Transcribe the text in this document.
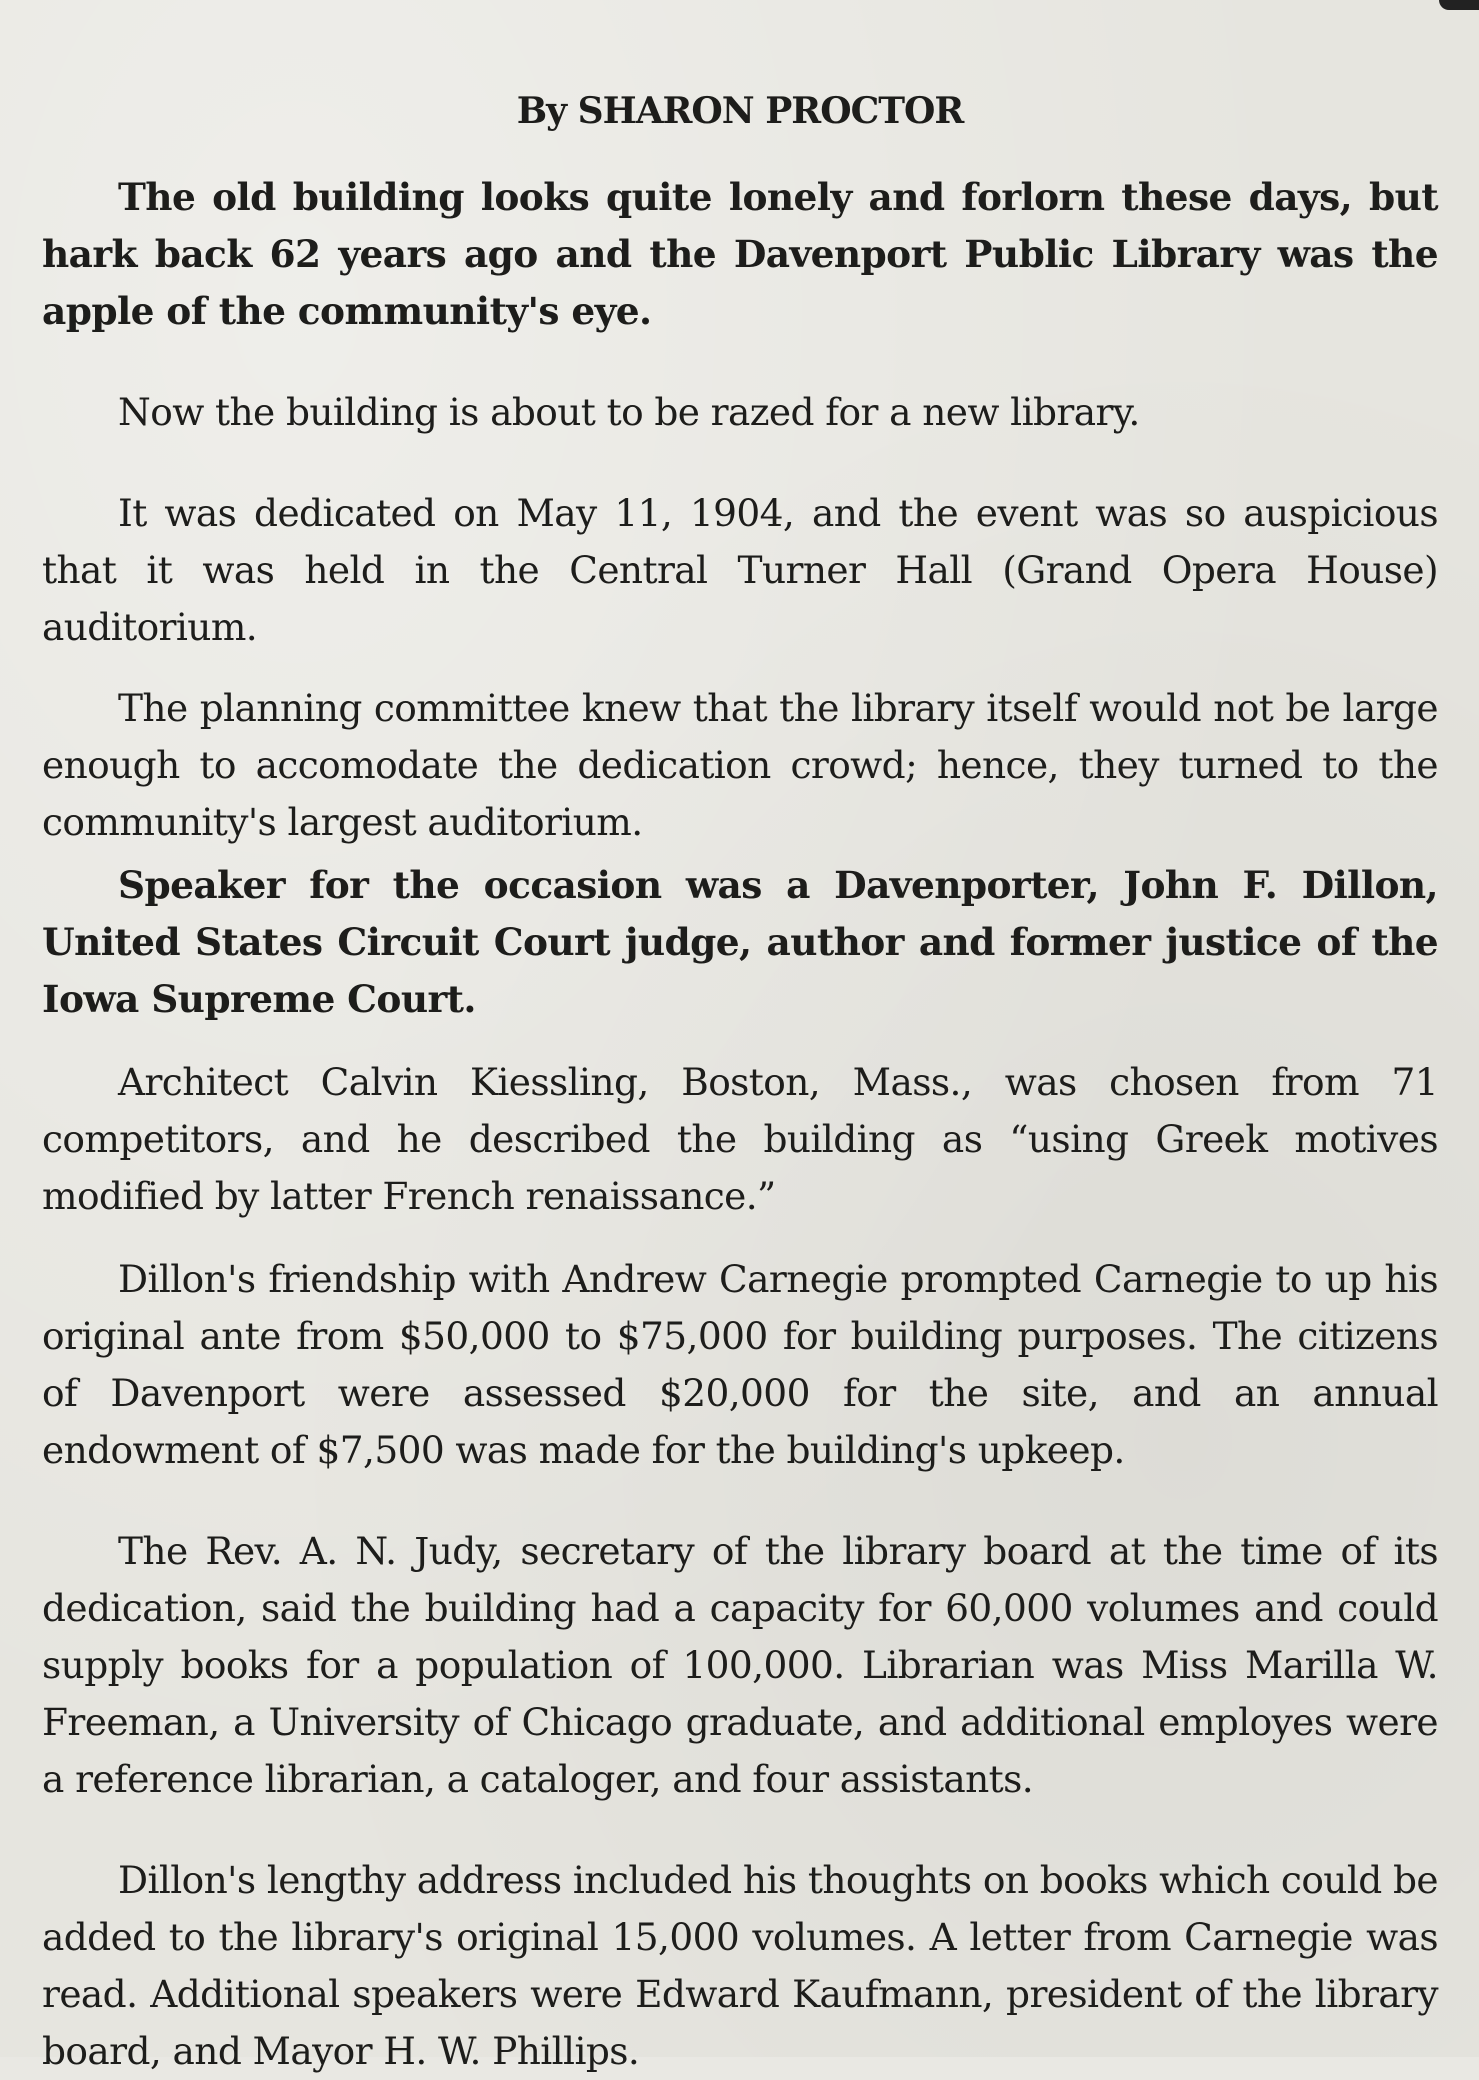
By SHARON PROCTOR

The old building looks quite lonely and forlorn these days, but hark back 62 years ago and the Davenport Public Library was the apple of the community's eye.

Now the building is about to be razed for a new library.

It was dedicated on May 11, 1904, and the event was so auspicious that it was held in the Central Turner Hall (Grand Opera House) auditorium.

The planning committee knew that the library itself would not be large enough to accomodate the dedication crowd; hence, they turned to the community's largest auditorium.

Speaker for the occasion was a Davenporter, John F. Dillon, United States Circuit Court judge, author and former justice of the Iowa Supreme Court.

Architect Calvin Kiessling, Boston, Mass., was chosen from 71 competitors, and he described the building as “using Greek motives modified by latter French renaissance.”

Dillon's friendship with Andrew Carnegie prompted Carnegie to up his original ante from $50,000 to $75,000 for building purposes. The citizens of Davenport were assessed $20,000 for the site, and an annual endowment of $7,500 was made for the building's upkeep.

The Rev. A. N. Judy, secretary of the library board at the time of its dedication, said the building had a capacity for 60,000 volumes and could supply books for a population of 100,000. Librarian was Miss Marilla W. Freeman, a University of Chicago graduate, and additional employes were a reference librarian, a cataloger, and four assistants.

Dillon's lengthy address included his thoughts on books which could be added to the library's original 15,000 volumes. A letter from Carnegie was read. Additional speakers were Edward Kaufmann, president of the library board, and Mayor H. W. Phillips.
